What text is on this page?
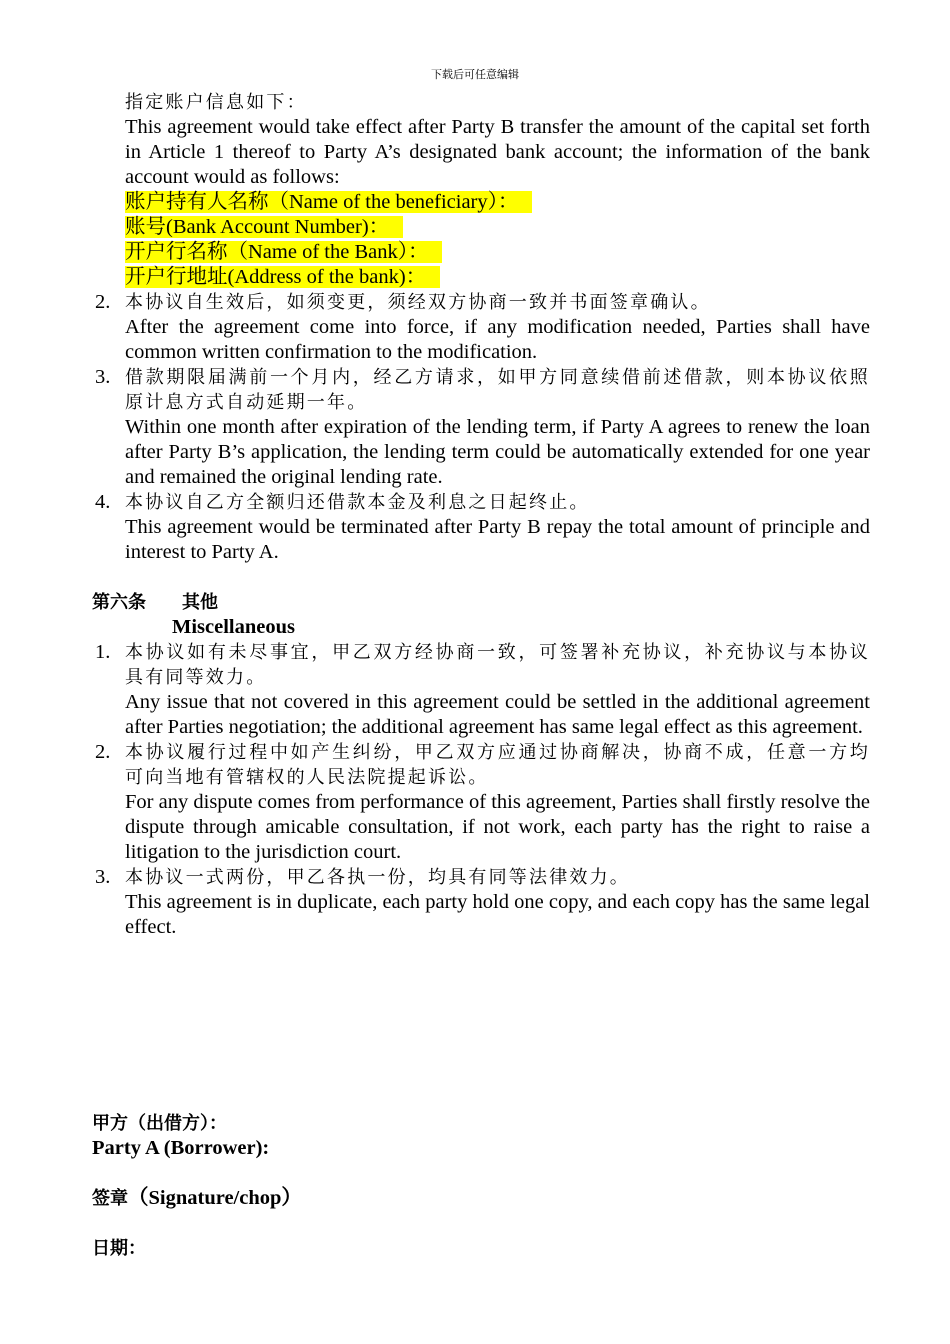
下载后可任意编辑
指定账户信息如下：
This agreement would take effect after Party B transfer the amount of the capital set forth in Article 1 thereof to Party A’s designated bank account; the information of the bank account would as follows:
账户持有人名称（Name of the beneficiary）：
账号(Bank Account Number)：
开户行名称（Name of the Bank）：
开户行地址(Address of the bank)：
2. 本协议自生效后，如须变更，须经双方协商一致并书面签章确认。
After the agreement come into force, if any modification needed, Parties shall have common written confirmation to the modification.
3. 借款期限届满前一个月内，经乙方请求，如甲方同意续借前述借款，则本协议依照原计息方式自动延期一年。
Within one month after expiration of the lending term, if Party A agrees to renew the loan after Party B’s application, the lending term could be automatically extended for one year and remained the original lending rate.
4. 本协议自乙方全额归还借款本金及利息之日起终止。
This agreement would be terminated after Party B repay the total amount of principle and interest to Party A.
第六条 其他
Miscellaneous
1. 本协议如有未尽事宜，甲乙双方经协商一致，可签署补充协议，补充协议与本协议具有同等效力。
Any issue that not covered in this agreement could be settled in the additional agreement after Parties negotiation; the additional agreement has same legal effect as this agreement.
2. 本协议履行过程中如产生纠纷，甲乙双方应通过协商解决，协商不成，任意一方均可向当地有管辖权的人民法院提起诉讼。
For any dispute comes from performance of this agreement, Parties shall firstly resolve the dispute through amicable consultation, if not work, each party has the right to raise a litigation to the jurisdiction court.
3. 本协议一式两份，甲乙各执一份，均具有同等法律效力。
This agreement is in duplicate, each party hold one copy, and each copy has the same legal effect.
甲方（出借方）：
Party A (Borrower):
签章（Signature/chop）
日期：
